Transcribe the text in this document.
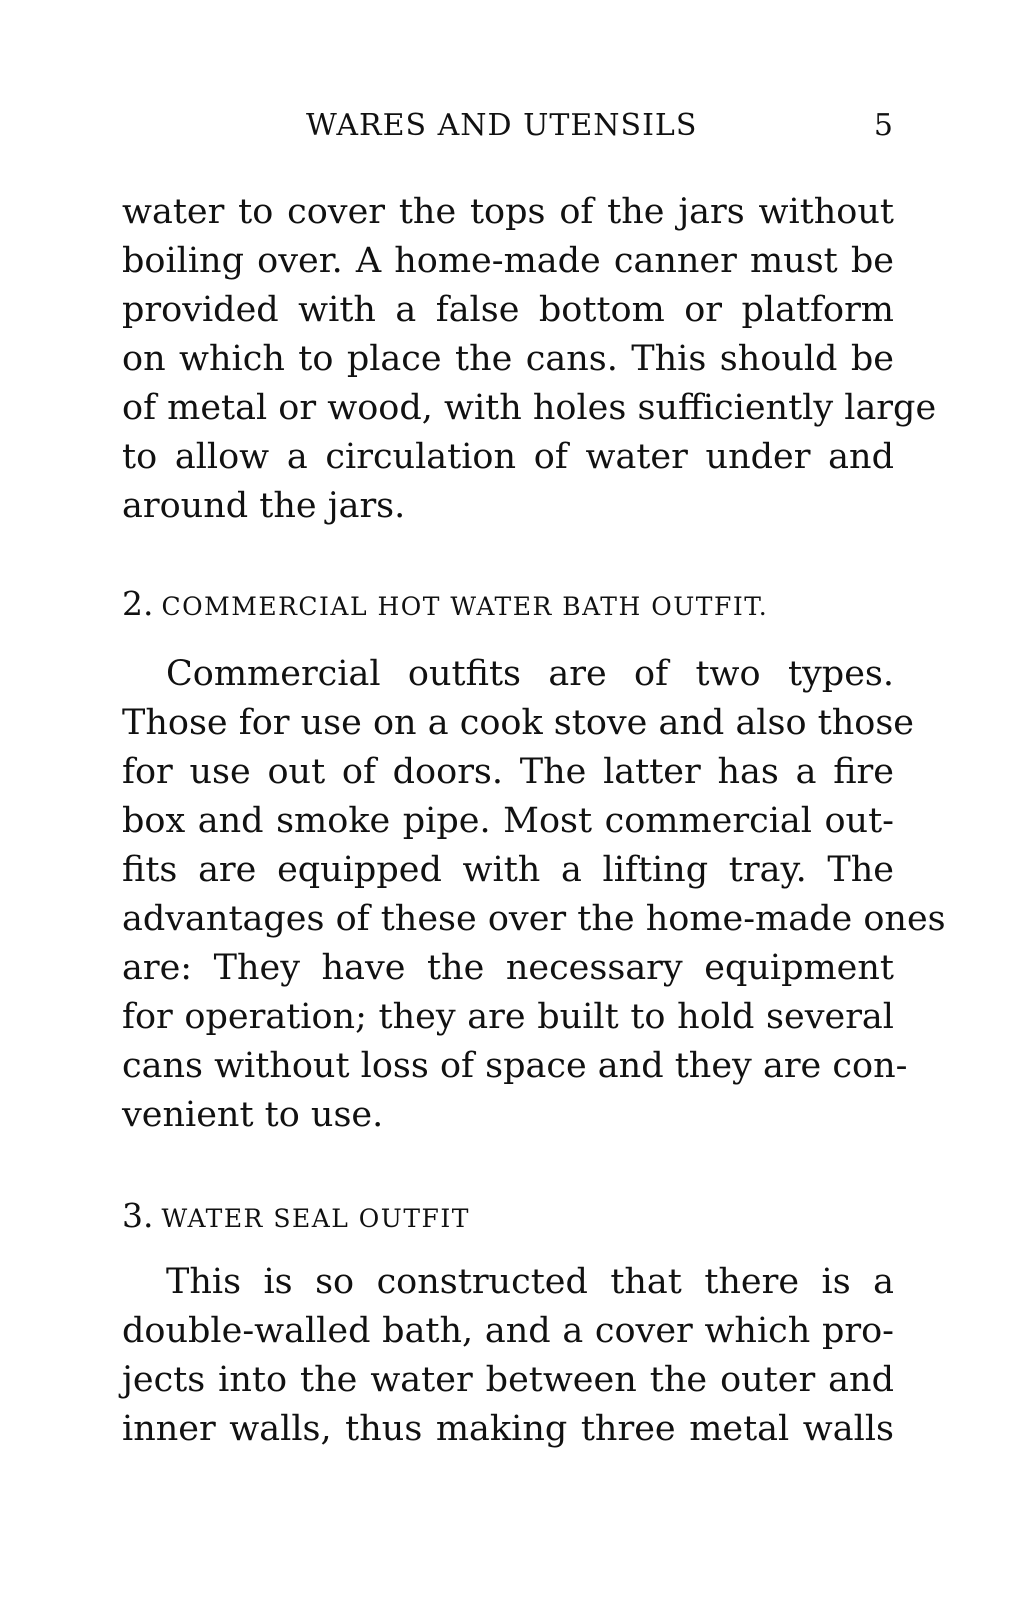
WARES AND UTENSILS	5
water to cover the tops of the jars without
boiling over. A home-made canner must be
provided with a false bottom or platform
on which to place the cans. This should be
of metal or wood, with holes sufficiently large
to allow a circulation of water under and
around the jars.
2. COMMERCIAL HOT WATER BATH OUTFIT.
Commercial outfits are of two types.
Those for use on a cook stove and also those
for use out of doors. The latter has a fire
box and smoke pipe. Most commercial out-
fits are equipped with a lifting tray. The
advantages of these over the home-made ones
are: They have the necessary equipment
for operation; they are built to hold several
cans without loss of space and they are con-
venient to use.
3. WATER SEAL OUTFIT
This is so constructed that there is a
double-walled bath, and a cover which pro-
jects into the water between the outer and
inner walls, thus making three metal walls
